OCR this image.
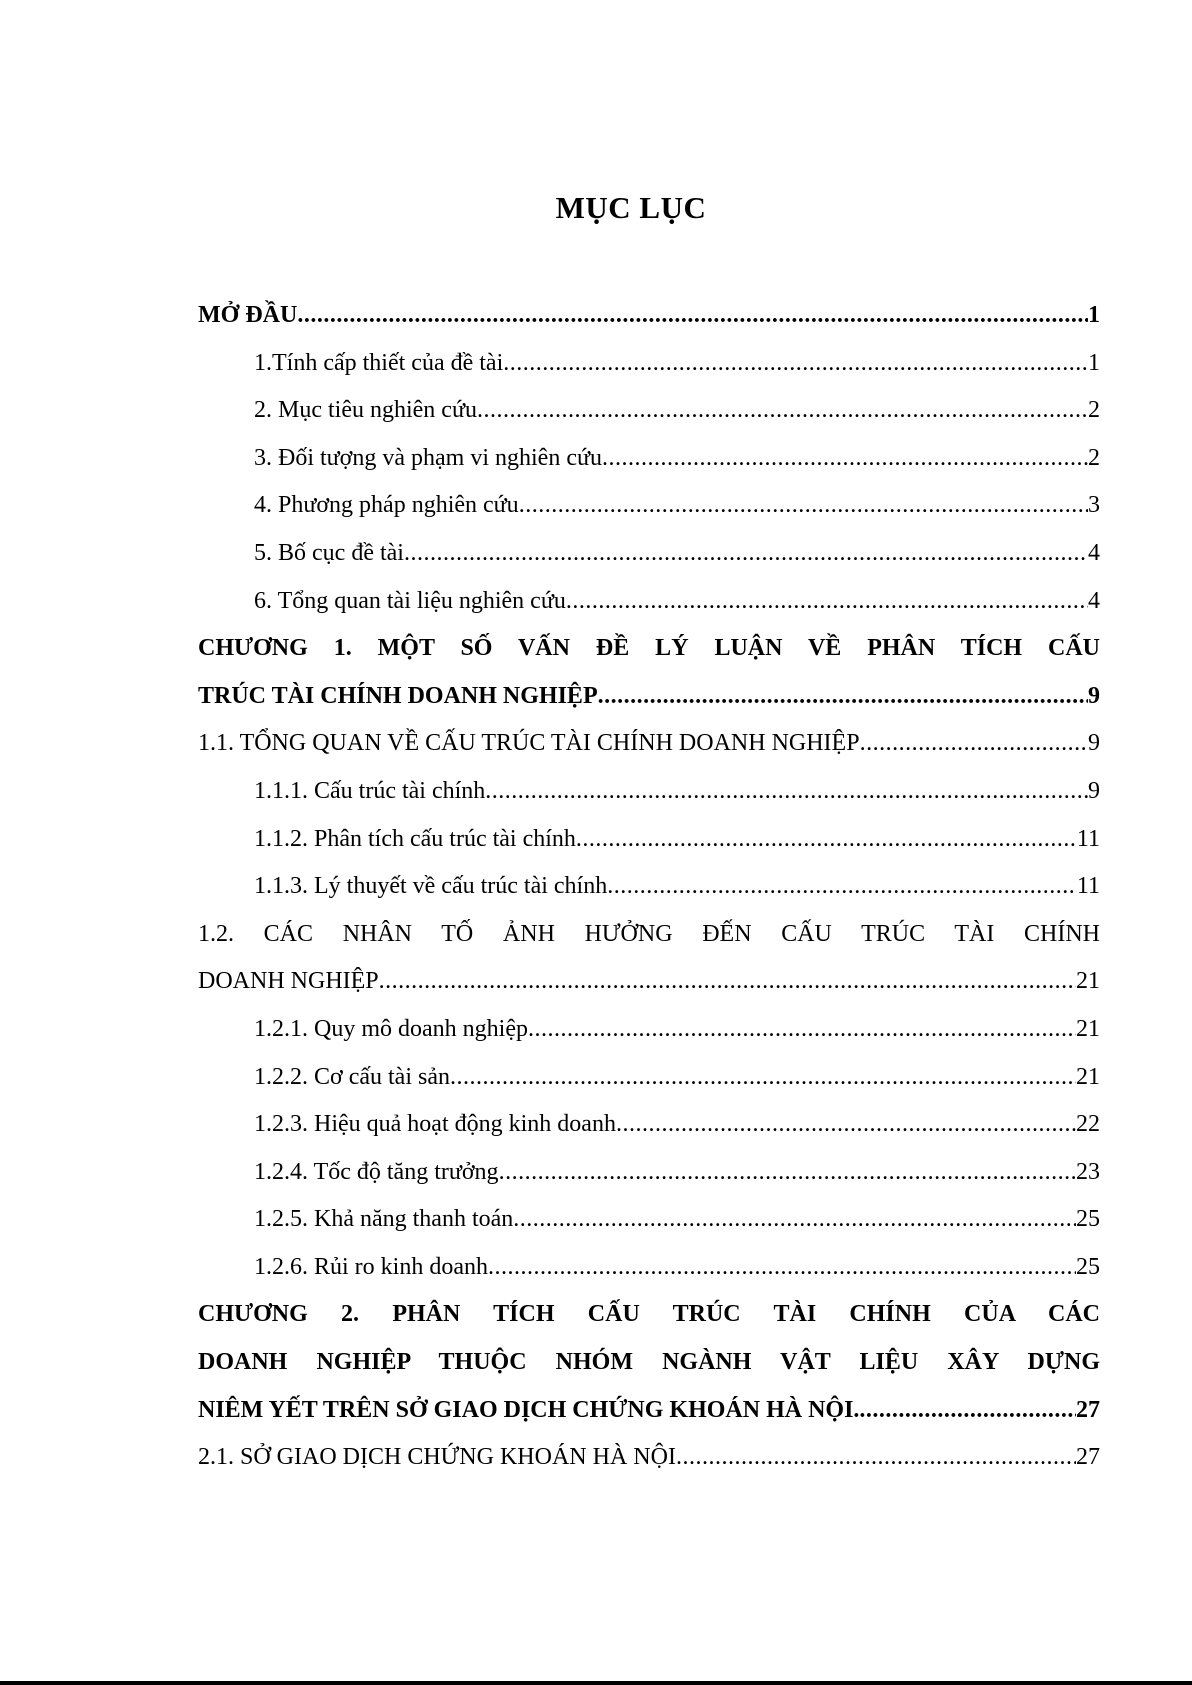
MỤC LỤC
MỞ ĐẦU .....	1
1.Tính cấp thiết của đề tài .....	1
2. Mục tiêu nghiên cứu .....	2
3. Đối tượng và phạm vi nghiên cứu .....	2
4. Phương pháp nghiên cứu .....	3
5. Bố cục đề tài .....	4
6. Tổng quan tài liệu nghiên cứu .....	4
CHƯƠNG 1. MỘT SỐ VẤN ĐỀ LÝ LUẬN VỀ PHÂN TÍCH CẤU
TRÚC TÀI CHÍNH DOANH NGHIỆP .....	9
1.1. TỔNG QUAN VỀ CẤU TRÚC TÀI CHÍNH DOANH NGHIỆP .....	9
1.1.1. Cấu trúc tài chính .....	9
1.1.2. Phân tích cấu trúc tài chính .....	11
1.1.3. Lý thuyết về cấu trúc tài chính .....	11
1.2. CÁC NHÂN TỐ ẢNH HƯỞNG ĐẾN CẤU TRÚC TÀI CHÍNH
DOANH NGHIỆP .....	21
1.2.1. Quy mô doanh nghiệp .....	21
1.2.2. Cơ cấu tài sản .....	21
1.2.3. Hiệu quả hoạt động kinh doanh .....	22
1.2.4. Tốc độ tăng trưởng .....	23
1.2.5. Khả năng thanh toán .....	25
1.2.6. Rủi ro kinh doanh .....	25
CHƯƠNG 2. PHÂN TÍCH CẤU TRÚC TÀI CHÍNH CỦA CÁC
DOANH NGHIỆP THUỘC NHÓM NGÀNH VẬT LIỆU XÂY DỰNG
NIÊM YẾT TRÊN SỞ GIAO DỊCH CHỨNG KHOÁN HÀ NỘI. .....	27
2.1. SỞ GIAO DỊCH CHỨNG KHOÁN HÀ NỘI .....	27
